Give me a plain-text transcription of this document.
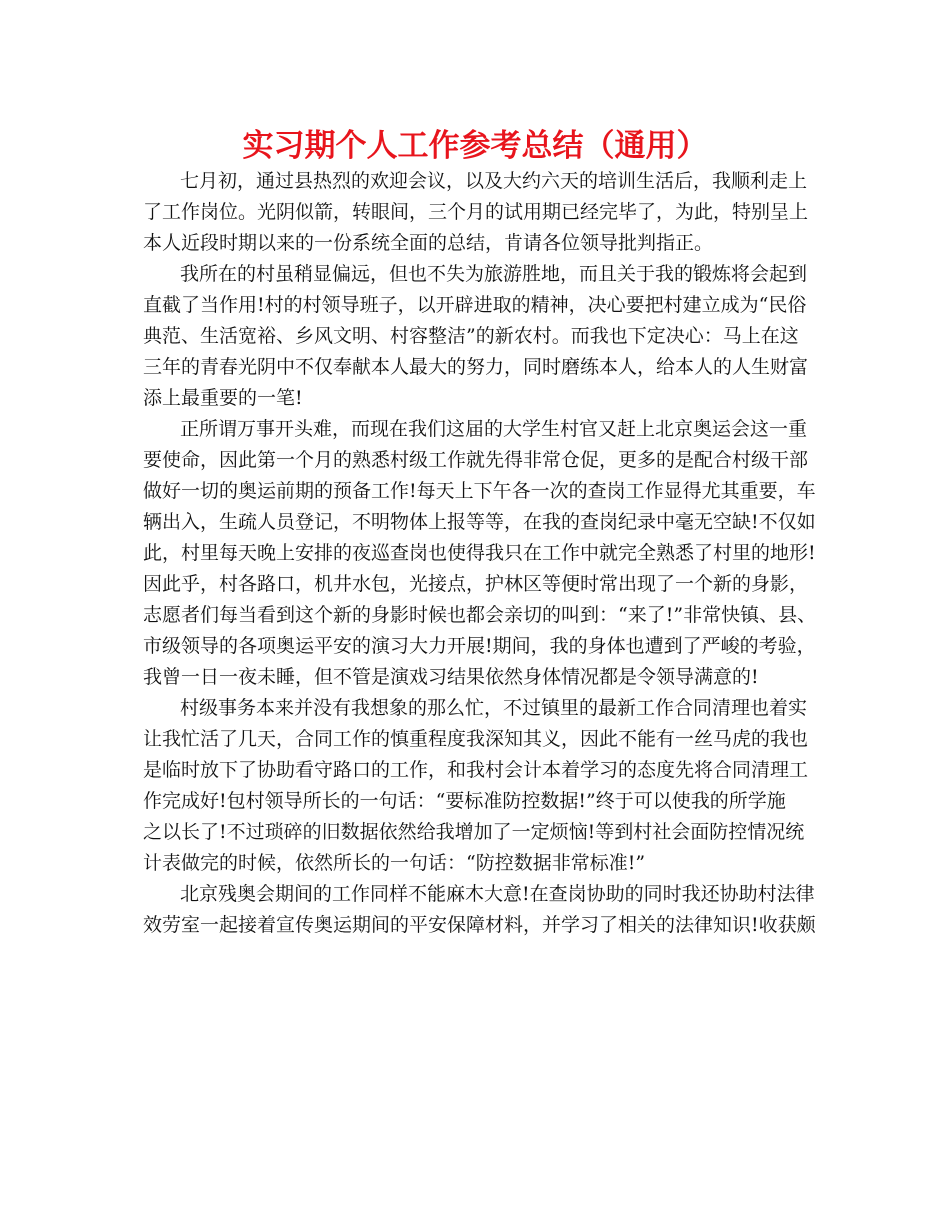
实习期个人工作参考总结（通用）
七月初，通过县热烈的欢迎会议，以及大约六天的培训生活后，我顺利走上
了工作岗位。光阴似箭，转眼间，三个月的试用期已经完毕了，为此，特别呈上
本人近段时期以来的一份系统全面的总结，肯请各位领导批判指正。
我所在的村虽稍显偏远，但也不失为旅游胜地，而且关于我的锻炼将会起到
直截了当作用!村的村领导班子，以开辟进取的精神，决心要把村建立成为“民俗
典范、生活宽裕、乡风文明、村容整洁”的新农村。而我也下定决心：马上在这
三年的青春光阴中不仅奉献本人最大的努力，同时磨练本人，给本人的人生财富
添上最重要的一笔!
正所谓万事开头难，而现在我们这届的大学生村官又赶上北京奥运会这一重
要使命，因此第一个月的熟悉村级工作就先得非常仓促，更多的是配合村级干部
做好一切的奥运前期的预备工作!每天上下午各一次的查岗工作显得尤其重要，车
辆出入，生疏人员登记，不明物体上报等等，在我的查岗纪录中毫无空缺!不仅如
此，村里每天晚上安排的夜巡查岗也使得我只在工作中就完全熟悉了村里的地形!
因此乎，村各路口，机井水包，光接点，护林区等便时常出现了一个新的身影，
志愿者们每当看到这个新的身影时候也都会亲切的叫到：“来了!”非常快镇、县、
市级领导的各项奥运平安的演习大力开展!期间，我的身体也遭到了严峻的考验，
我曾一日一夜未睡，但不管是演戏习结果依然身体情况都是令领导满意的!
村级事务本来并没有我想象的那么忙，不过镇里的最新工作合同清理也着实
让我忙活了几天，合同工作的慎重程度我深知其义，因此不能有一丝马虎的我也
是临时放下了协助看守路口的工作，和我村会计本着学习的态度先将合同清理工
作完成好!包村领导所长的一句话：“要标准防控数据!”终于可以使我的所学施
之以长了!不过琐碎的旧数据依然给我增加了一定烦恼!等到村社会面防控情况统
计表做完的时候，依然所长的一句话：“防控数据非常标准!”
北京残奥会期间的工作同样不能麻木大意!在查岗协助的同时我还协助村法律
效劳室一起接着宣传奥运期间的平安保障材料，并学习了相关的法律知识!收获颇
